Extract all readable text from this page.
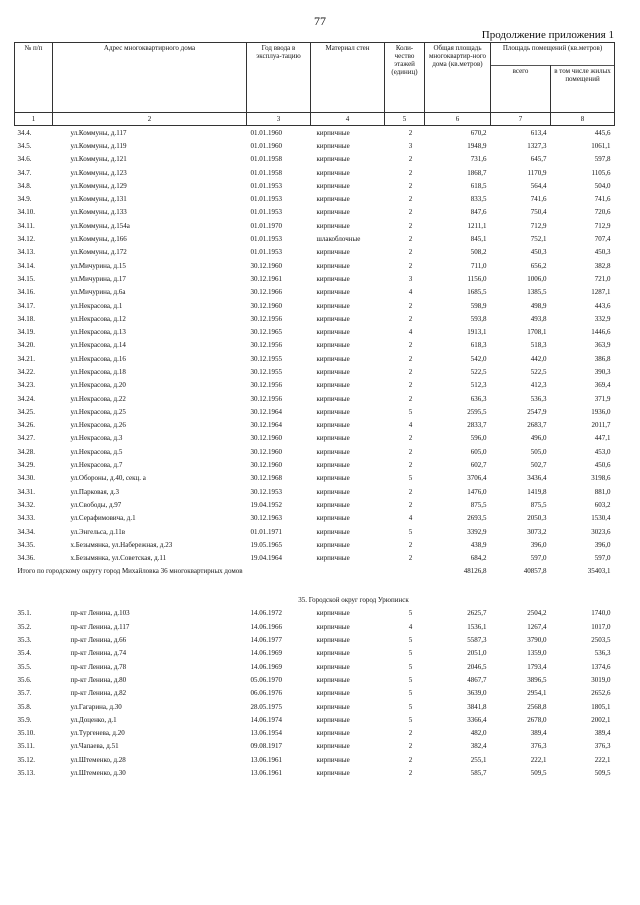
77
Продолжение приложения 1
№ п/п	Адрес многоквартирного дома	Год ввода в эксплуа-тацию	Материал стен	Коли-чество этажей (единиц)	Общая площадь многоквартир-ного дома (кв.метров)	Площадь помещений (кв.метров)	
						всего	в том числе жилых помещений
1	2	3	4	5	6	7	8
34.4.	ул.Коммуны, д.117	01.01.1960	кирпичные	2	670,2	613,4	445,6
34.5.	ул.Коммуны, д.119	01.01.1960	кирпичные	3	1948,9	1327,3	1061,1
34.6.	ул.Коммуны, д.121	01.01.1958	кирпичные	2	731,6	645,7	597,8
34.7.	ул.Коммуны, д.123	01.01.1958	кирпичные	2	1868,7	1170,9	1105,6
34.8.	ул.Коммуны, д.129	01.01.1953	кирпичные	2	618,5	564,4	504,0
34.9.	ул.Коммуны, д.131	01.01.1953	кирпичные	2	833,5	741,6	741,6
34.10.	ул.Коммуны, д.133	01.01.1953	кирпичные	2	847,6	750,4	720,6
34.11.	ул.Коммуны, д.154а	01.01.1970	кирпичные	2	1211,1	712,9	712,9
34.12.	ул.Коммуны, д.166	01.01.1953	шлакоблочные	2	845,1	752,1	707,4
34.13.	ул.Коммуны, д.172	01.01.1953	кирпичные	2	508,2	450,3	450,3
34.14.	ул.Мичурина, д.15	30.12.1960	кирпичные	2	711,0	656,2	382,8
34.15.	ул.Мичурина, д.17	30.12.1961	кирпичные	3	1156,0	1006,0	721,0
34.16.	ул.Мичурина, д.6а	30.12.1966	кирпичные	4	1685,5	1385,5	1287,1
34.17.	ул.Некрасова, д.1	30.12.1960	кирпичные	2	598,9	498,9	443,6
34.18.	ул.Некрасова, д.12	30.12.1956	кирпичные	2	593,8	493,8	332,9
34.19.	ул.Некрасова, д.13	30.12.1965	кирпичные	4	1913,1	1708,1	1446,6
34.20.	ул.Некрасова, д.14	30.12.1956	кирпичные	2	618,3	518,3	363,9
34.21.	ул.Некрасова, д.16	30.12.1955	кирпичные	2	542,0	442,0	386,8
34.22.	ул.Некрасова, д.18	30.12.1955	кирпичные	2	522,5	522,5	390,3
34.23.	ул.Некрасова, д.20	30.12.1956	кирпичные	2	512,3	412,3	369,4
34.24.	ул.Некрасова, д.22	30.12.1956	кирпичные	2	636,3	536,3	371,9
34.25.	ул.Некрасова, д.25	30.12.1964	кирпичные	5	2595,5	2547,9	1936,0
34.26.	ул.Некрасова, д.26	30.12.1964	кирпичные	4	2833,7	2683,7	2011,7
34.27.	ул.Некрасова, д.3	30.12.1960	кирпичные	2	596,0	496,0	447,1
34.28.	ул.Некрасова, д.5	30.12.1960	кирпичные	2	605,0	505,0	453,0
34.29.	ул.Некрасова, д.7	30.12.1960	кирпичные	2	602,7	502,7	450,6
34.30.	ул.Обороны, д.40, секц. а	30.12.1968	кирпичные	5	3706,4	3436,4	3198,6
34.31.	ул.Парковая, д.3	30.12.1953	кирпичные	2	1476,0	1419,8	881,0
34.32.	ул.Свободы, д.97	19.04.1952	кирпичные	2	875,5	875,5	603,2
34.33.	ул.Серафимовича, д.1	30.12.1963	кирпичные	4	2693,5	2050,3	1530,4
34.34.	ул.Энгельса, д.11в	01.01.1971	кирпичные	5	3392,9	3073,2	3023,6
34.35.	х.Безымянка, ул.Набережная, д.23	19.05.1965	кирпичные	2	438,9	396,0	396,0
34.36.	х.Безымянка, ул.Советская, д.11	19.04.1964	кирпичные	2	684,2	597,0	597,0
Итого по городскому округу город Михайловка 36 многоквартирных домов					48126,8	40857,8	35403,1
35. Городской округ город Урюпинск							
35.1.	пр-кт Ленина, д.103	14.06.1972	кирпичные	5	2625,7	2504,2	1740,0
35.2.	пр-кт Ленина, д.117	14.06.1966	кирпичные	4	1536,1	1267,4	1017,0
35.3.	пр-кт Ленина, д.66	14.06.1977	кирпичные	5	5587,3	3790,0	2503,5
35.4.	пр-кт Ленина, д.74	14.06.1969	кирпичные	5	2051,0	1359,0	536,3
35.5.	пр-кт Ленина, д.78	14.06.1969	кирпичные	5	2046,5	1793,4	1374,6
35.6.	пр-кт Ленина, д.80	05.06.1970	кирпичные	5	4867,7	3896,5	3019,0
35.7.	пр-кт Ленина, д.82	06.06.1976	кирпичные	5	3639,0	2954,1	2652,6
35.8.	ул.Гагарина, д.30	28.05.1975	кирпичные	5	3841,8	2568,8	1805,1
35.9.	ул.Доценко, д.1	14.06.1974	кирпичные	5	3366,4	2678,0	2002,1
35.10.	ул.Тургенева, д.20	13.06.1954	кирпичные	2	482,0	389,4	389,4
35.11.	ул.Чапаева, д.51	09.08.1917	кирпичные	2	382,4	376,3	376,3
35.12.	ул.Штеменко, д.28	13.06.1961	кирпичные	2	255,1	222,1	222,1
35.13.	ул.Штеменко, д.30	13.06.1961	кирпичные	2	585,7	509,5	509,5
